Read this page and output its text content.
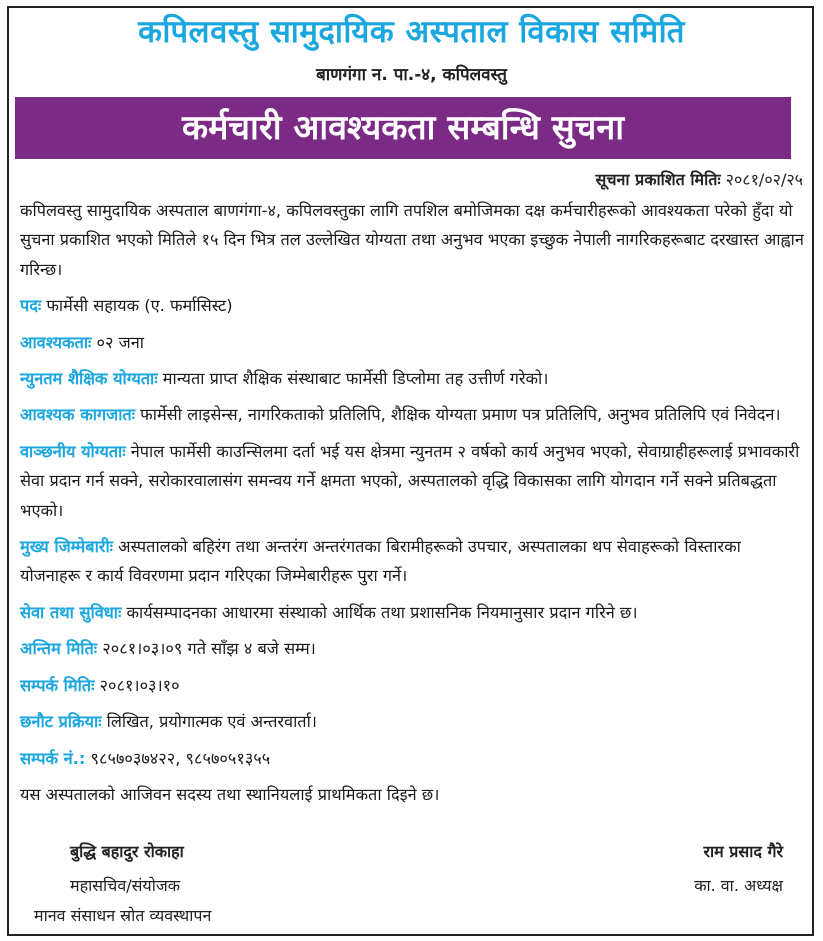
कपिलवस्तु सामुदायिक अस्पताल विकास समिति
बाणगंगा न. पा.-४, कपिलवस्तु
कर्मचारी आवश्यकता सम्बन्धि सुचना
सूचना प्रकाशित मितिः २०८१/०२/२५

कपिलवस्तु सामुदायिक अस्पताल बाणगंगा-४, कपिलवस्तुका लागि तपशिल बमोजिमका दक्ष कर्मचारीहरूको आवश्यकता परेको हुँदा यो सुचना प्रकाशित भएको मितिले १५ दिन भित्र तल उल्लेखित योग्यता तथा अनुभव भएका इच्छुक नेपाली नागरिकहरूबाट दरखास्त आह्वान गरिन्छ।

पदः फार्मेसी सहायक (ए. फर्मासिस्ट)

आवश्यकताः ०२ जना

न्युनतम शैक्षिक योग्यताः मान्यता प्राप्त शैक्षिक संस्थाबाट फार्मेसी डिप्लोमा तह उत्तीर्ण गरेको।

आवश्यक कागजातः फार्मेसी लाइसेन्स, नागरिकताको प्रतिलिपि, शैक्षिक योग्यता प्रमाण पत्र प्रतिलिपि, अनुभव प्रतिलिपि एवं निवेदन।

वाञ्छनीय योग्यताः नेपाल फार्मेसी काउन्सिलमा दर्ता भई यस क्षेत्रमा न्युनतम २ वर्षको कार्य अनुभव भएको, सेवाग्राहीहरूलाई प्रभावकारी सेवा प्रदान गर्न सक्ने, सरोकारवालासंग समन्वय गर्ने क्षमता भएको, अस्पतालको वृद्धि विकासका लागि योगदान गर्ने सक्ने प्रतिबद्धता भएको।

मुख्य जिम्मेबारीः अस्पतालको बहिरंग तथा अन्तरंग अन्तरंगतका बिरामीहरूको उपचार, अस्पतालका थप सेवाहरूको विस्तारका योजनाहरू र कार्य विवरणमा प्रदान गरिएका जिम्मेबारीहरू पुरा गर्ने।

सेवा तथा सुविधाः कार्यसम्पादनका आधारमा संस्थाको आर्थिक तथा प्रशासनिक नियमानुसार प्रदान गरिने छ।

अन्तिम मितिः २०८१।०३।०९ गते साँझ ४ बजे सम्म।

सम्पर्क मितिः २०८१।०३।१०

छनौट प्रक्रियाः लिखित, प्रयोगात्मक एवं अन्तरवार्ता।

सम्पर्क नं.: ९८५७०३७४२२, ९८५७०५१३५५

यस अस्पतालको आजिवन सदस्य तथा स्थानियलाई प्राथमिकता दिइने छ।

बुद्धि बहादुर रोकाहा
महासचिव/संयोजक
मानव संसाधन स्रोत व्यवस्थापन
राम प्रसाद गैरे
का. वा. अध्यक्ष
